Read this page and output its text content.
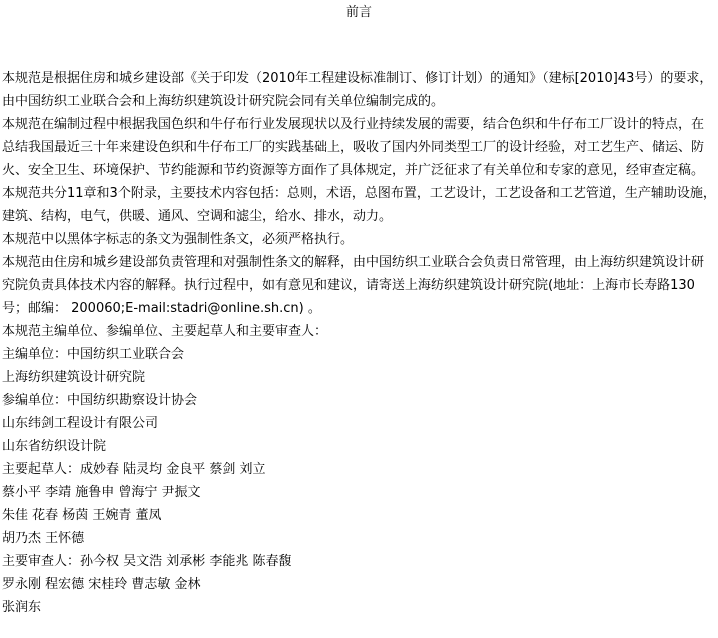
前言
本规范是根据住房和城乡建设部《关于印发（2010年工程建设标准制订、修订计划）的通知》（建标[2010]43号）的要求，由中国纺织工业联合会和上海纺织建筑设计研究院会同有关单位编制完成的。
本规范在编制过程中根据我国色织和牛仔布行业发展现状以及行业持续发展的需要，结合色织和牛仔布工厂设计的特点，在总结我国最近三十年来建设色织和牛仔布工厂的实践基础上，吸收了国内外同类型工厂的设计经验，对工艺生产、储运、防火、安全卫生、环境保护、节约能源和节约资源等方面作了具体规定，并广泛征求了有关单位和专家的意见，经审查定稿。
本规范共分11章和3个附录，主要技术内容包括：总则，术语，总图布置，工艺设计，工艺设备和工艺管道，生产辅助设施，建筑、结构，电气，供暖、通风、空调和滤尘，给水、排水，动力。
本规范中以黑体字标志的条文为强制性条文，必须严格执行。
本规范由住房和城乡建设部负责管理和对强制性条文的解释，由中国纺织工业联合会负责日常管理，由上海纺织建筑设计研究院负责具体技术内容的解释。执行过程中，如有意见和建议，请寄送上海纺织建筑设计研究院(地址：上海市长寿路130号；邮编： 200060;E-mail:stadri@online.sh.cn) 。
本规范主编单位、参编单位、主要起草人和主要审查人：
主编单位：中国纺织工业联合会
上海纺织建筑设计研究院
参编单位：中国纺织勘察设计协会
山东纬剑工程设计有限公司
山东省纺织设计院
主要起草人：成妙春 陆灵均 金良平 蔡剑 刘立
蔡小平 李靖 施鲁申 曾海宁 尹振文
朱佳 花春 杨茵 王婉青 董凤
胡乃杰 王怀德
主要审查人：孙今权 吴文浩 刘承彬 李能兆 陈春馥
罗永刚 程宏德 宋桂玲 曹志敏 金林
张润东
